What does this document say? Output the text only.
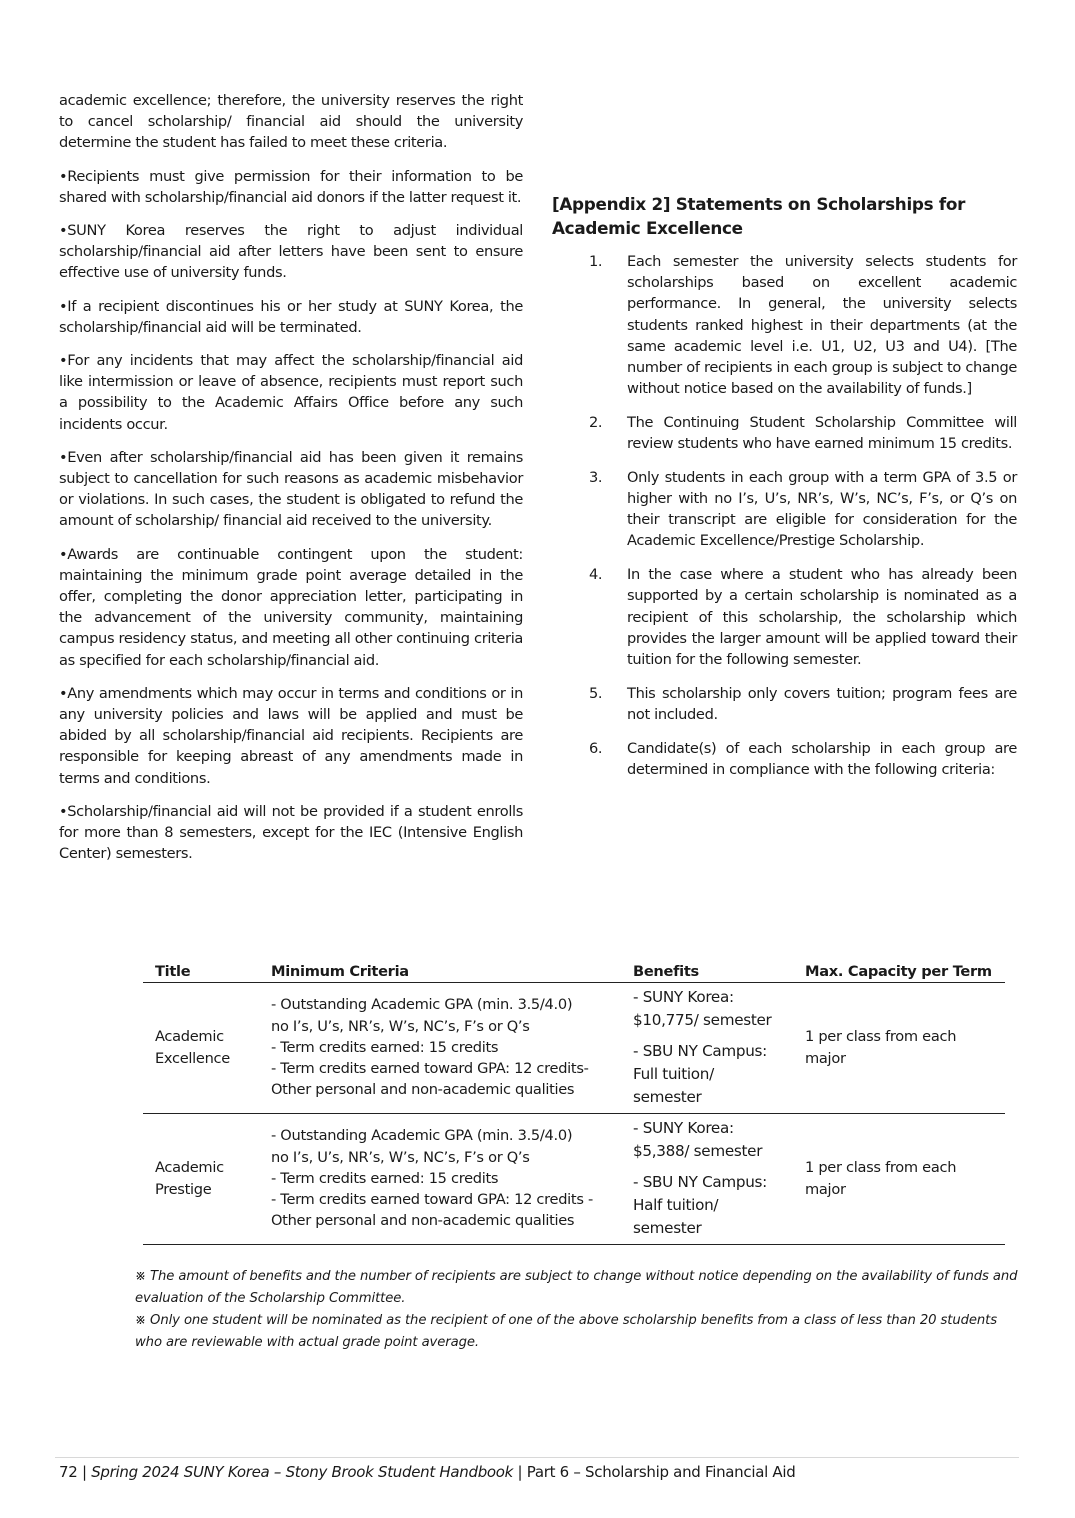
academic excellence; therefore, the university reserves the right to cancel scholarship/ financial aid should the university determine the student has failed to meet these criteria.

•Recipients must give permission for their information to be shared with scholarship/financial aid donors if the latter request it.

•SUNY Korea reserves the right to adjust individual scholarship/financial aid after letters have been sent to ensure effective use of university funds.

•If a recipient discontinues his or her study at SUNY Korea, the scholarship/financial aid will be terminated.

•For any incidents that may affect the scholarship/financial aid like intermission or leave of absence, recipients must report such a possibility to the Academic Affairs Office before any such incidents occur.

•Even after scholarship/financial aid has been given it remains subject to cancellation for such reasons as academic misbehavior or violations. In such cases, the student is obligated to refund the amount of scholarship/ financial aid received to the university.

•Awards are continuable contingent upon the student: maintaining the minimum grade point average detailed in the offer, completing the donor appreciation letter, participating in the advancement of the university community, maintaining campus residency status, and meeting all other continuing criteria as specified for each scholarship/financial aid.

•Any amendments which may occur in terms and conditions or in any university policies and laws will be applied and must be abided by all scholarship/financial aid recipients. Recipients are responsible for keeping abreast of any amendments made in terms and conditions.

•Scholarship/financial aid will not be provided if a student enrolls for more than 8 semesters, except for the IEC (Intensive English Center) semesters.

[Appendix 2] Statements on Scholarships for Academic Excellence
1. Each semester the university selects students for scholarships based on excellent academic performance. In general, the university selects students ranked highest in their departments (at the same academic level i.e. U1, U2, U3 and U4). [The number of recipients in each group is subject to change without notice based on the availability of funds.]
2. The Continuing Student Scholarship Committee will review students who have earned minimum 15 credits.
3. Only students in each group with a term GPA of 3.5 or higher with no I’s, U’s, NR’s, W’s, NC’s, F’s, or Q’s on their transcript are eligible for consideration for the Academic Excellence/Prestige Scholarship.
4. In the case where a student who has already been supported by a certain scholarship is nominated as a recipient of this scholarship, the scholarship which provides the larger amount will be applied toward their tuition for the following semester.
5. This scholarship only covers tuition; program fees are not included.
6. Candidate(s) of each scholarship in each group are determined in compliance with the following criteria:
Title	Minimum Criteria	Benefits	Max. Capacity per Term
Academic Excellence	- Outstanding Academic GPA (min. 3.5/4.0)
no I’s, U’s, NR’s, W’s, NC’s, F’s or Q’s
- Term credits earned: 15 credits
- Term credits earned toward GPA: 12 credits- Other personal and non-academic qualities	- SUNY Korea: $10,775/ semester
- SBU NY Campus: Full tuition/ semester	1 per class from each major
Academic Prestige	- Outstanding Academic GPA (min. 3.5/4.0)
no I’s, U’s, NR’s, W’s, NC’s, F’s or Q’s
- Term credits earned: 15 credits
- Term credits earned toward GPA: 12 credits - Other personal and non-academic qualities	- SUNY Korea: $5,388/ semester
- SBU NY Campus: Half tuition/ semester	1 per class from each major

※ The amount of benefits and the number of recipients are subject to change without notice depending on the availability of funds and evaluation of the Scholarship Committee.

※ Only one student will be nominated as the recipient of one of the above scholarship benefits from a class of less than 20 students who are reviewable with actual grade point average.

72 | Spring 2024 SUNY Korea – Stony Brook Student Handbook | Part 6 – Scholarship and Financial Aid
